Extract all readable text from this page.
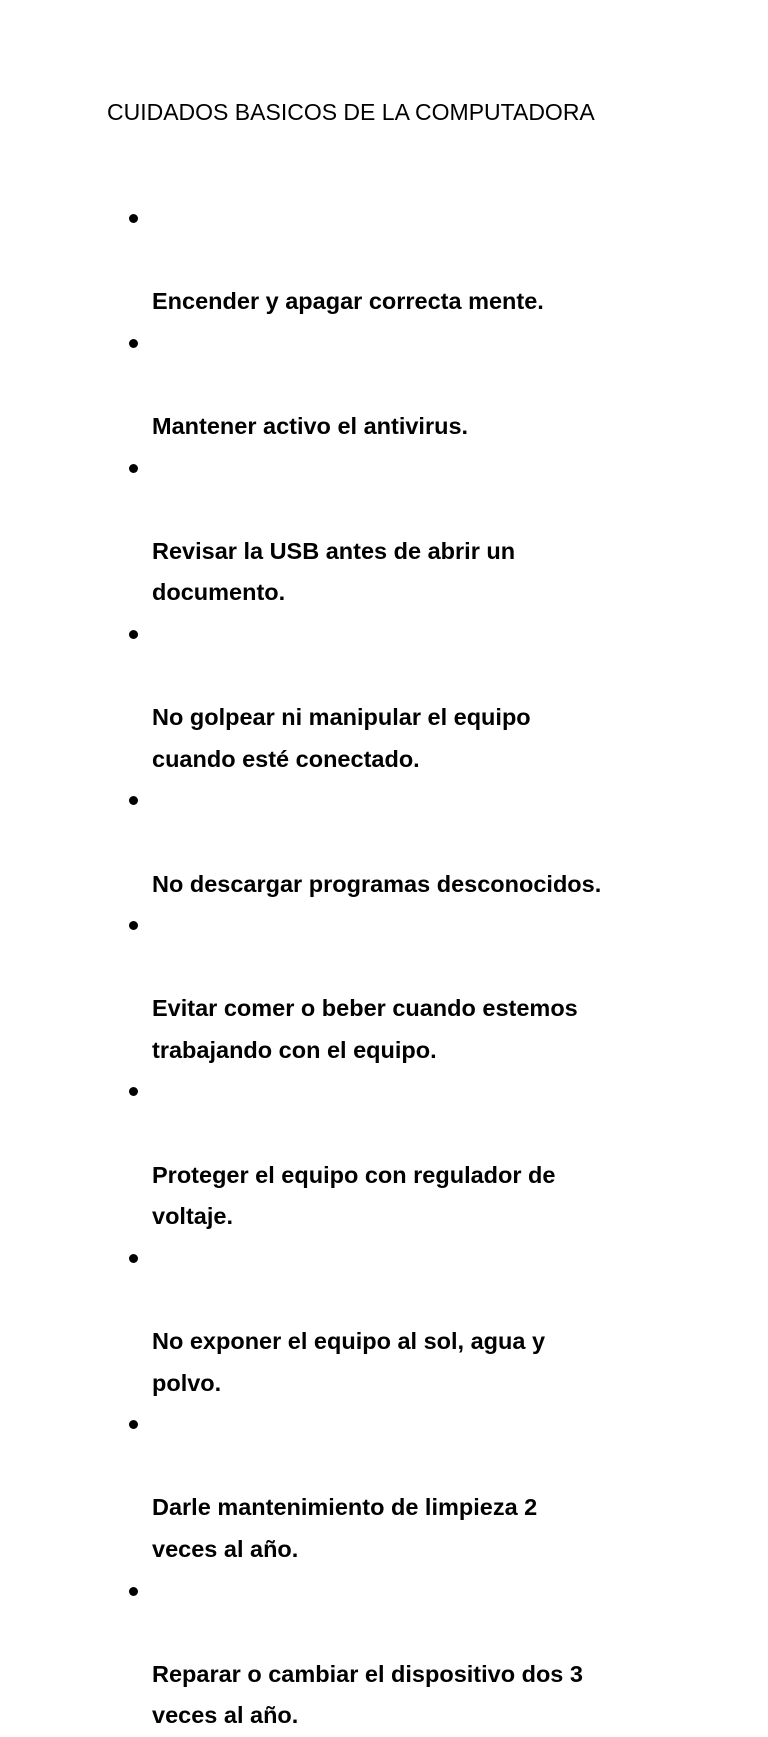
CUIDADOS BASICOS DE LA COMPUTADORA

Encender y apagar correcta mente.

Mantener activo el antivirus.

Revisar la USB antes de abrir un
documento.

No golpear ni manipular el equipo
cuando esté conectado.

No descargar programas desconocidos.

Evitar comer o beber cuando estemos
trabajando con el equipo.

Proteger el equipo con regulador de
voltaje.

No exponer el equipo al sol, agua y
polvo.

Darle mantenimiento de limpieza 2
veces al año.

Reparar o cambiar el dispositivo dos 3
veces al año.
